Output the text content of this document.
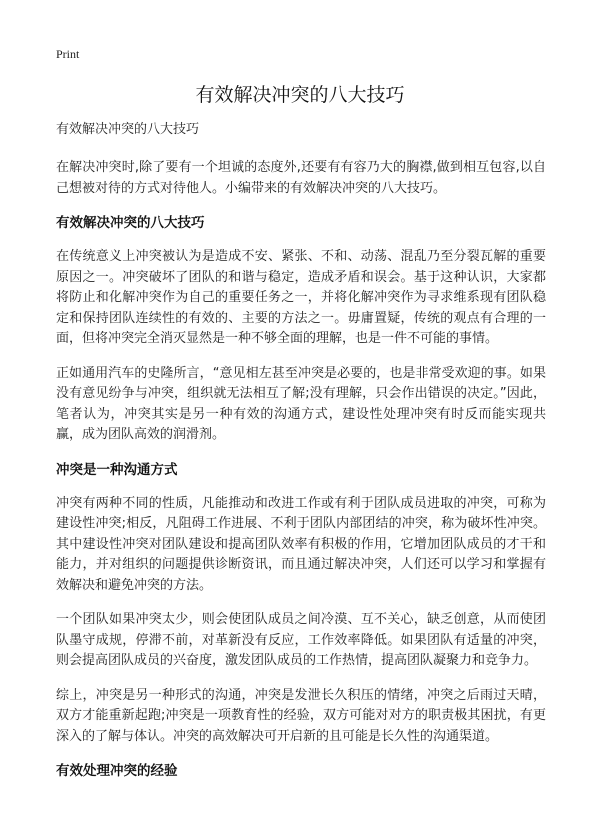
Print
有效解决冲突的八大技巧

有效解决冲突的八大技巧

在解决冲突时,除了要有一个坦诚的态度外,还要有有容乃大的胸襟,做到相互包容,以自己想被对待的方式对待他人。小编带来的有效解决冲突的八大技巧。

有效解决冲突的八大技巧

在传统意义上冲突被认为是造成不安、紧张、不和、动荡、混乱乃至分裂瓦解的重要原因之一。冲突破坏了团队的和谐与稳定，造成矛盾和误会。基于这种认识，大家都将防止和化解冲突作为自己的重要任务之一，并将化解冲突作为寻求维系现有团队稳定和保持团队连续性的有效的、主要的方法之一。毋庸置疑，传统的观点有合理的一面，但将冲突完全消灭显然是一种不够全面的理解，也是一件不可能的事情。

正如通用汽车的史隆所言，“意见相左甚至冲突是必要的，也是非常受欢迎的事。如果没有意见纷争与冲突，组织就无法相互了解;没有理解，只会作出错误的决定。”因此，笔者认为，冲突其实是另一种有效的沟通方式，建设性处理冲突有时反而能实现共赢，成为团队高效的润滑剂。

冲突是一种沟通方式

冲突有两种不同的性质，凡能推动和改进工作或有利于团队成员进取的冲突，可称为建设性冲突;相反，凡阻碍工作进展、不利于团队内部团结的冲突，称为破坏性冲突。其中建设性冲突对团队建设和提高团队效率有积极的作用，它增加团队成员的才干和能力，并对组织的问题提供诊断资讯，而且通过解决冲突，人们还可以学习和掌握有效解决和避免冲突的方法。

一个团队如果冲突太少，则会使团队成员之间冷漠、互不关心，缺乏创意，从而使团队墨守成规，停滞不前，对革新没有反应，工作效率降低。如果团队有适量的冲突，则会提高团队成员的兴奋度，激发团队成员的工作热情，提高团队凝聚力和竞争力。

综上，冲突是另一种形式的沟通，冲突是发泄长久积压的情绪，冲突之后雨过天晴，双方才能重新起跑;冲突是一项教育性的经验，双方可能对对方的职责极其困扰，有更深入的了解与体认。冲突的高效解决可开启新的且可能是长久性的沟通渠道。

有效处理冲突的经验
